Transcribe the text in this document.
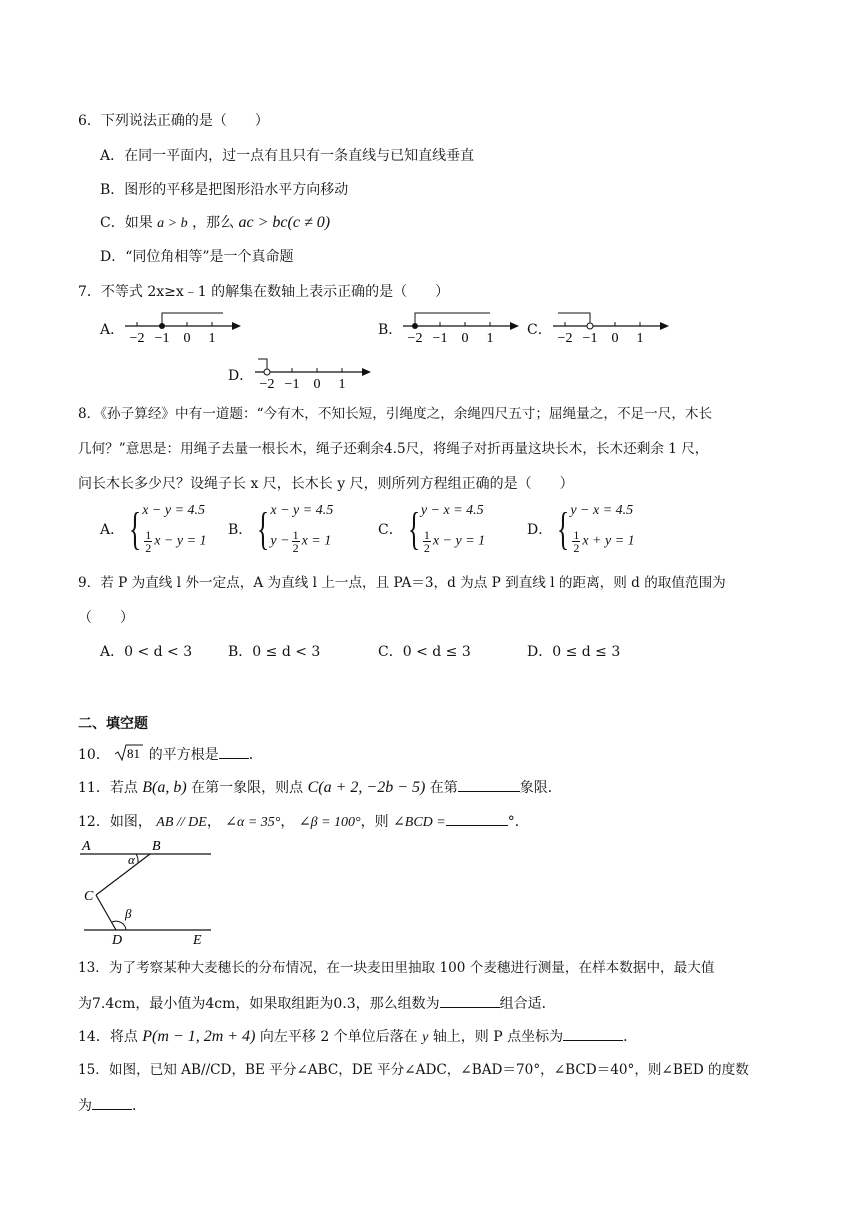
6．下列说法正确的是（　　）
A．在同一平面内，过一点有且只有一条直线与已知直线垂直
B．图形的平移是把图形沿水平方向移动
C．如果 a > b ，那么 ac > bc(c ≠ 0)
D．“同位角相等”是一个真命题
7．不等式 2x≥x﹣1 的解集在数轴上表示正确的是（　　）
A．	B．	C．
D．
−2 −1 0 1	−2 −1 0 1	−2 −1 0 1
−2 −1 0 1
8．《孙子算经》中有一道题：“今有木，不知长短，引绳度之，余绳四尺五寸；屈绳量之，不足一尺，木长
几何？”意思是：用绳子去量一根长木，绳子还剩余4.5尺，将绳子对折再量这块长木，长木还剩余 1 尺，
问长木长多少尺？设绳子长 x 尺，长木长 y 尺，则所列方程组正确的是（　　）
A． { x − y = 4.5
$\frac{1}{2}$ x − y = 1
B． { x − y = 4.5
$y - \frac{1}{2}$ x = 1
C． { y − x = 4.5
$\frac{1}{2}$ x − y = 1
D． { y − x = 4.5
$\frac{1}{2}$ x + y = 1
9．若 P 为直线 l 外一定点，A 为直线 l 上一点，且 PA＝3，d 为点 P 到直线 l 的距离，则 d 的取值范围为
（　　）
A．0 < d < 3	B．0 ≤ d < 3	C．0 < d ≤ 3	D．0 ≤ d ≤ 3
二、填空题
10． 81 的平方根是 ．
11．若点 B(a, b) 在第一象限，则点 C(a + 2, −2b − 5) 在第	象限．
12．如图， AB // DE， ∠α = 35°， ∠β = 100°，则 ∠BCD =	°．
A	B
C
D	E
α
β
13．为了考察某种大麦穗长的分布情况，在一块麦田里抽取 100 个麦穗进行测量，在样本数据中，最大值
为7.4cm，最小值为4cm，如果取组距为0.3，那么组数为	组合适．
14．将点 P(m − 1, 2m + 4) 向左平移 2 个单位后落在 y 轴上，则 P 点坐标为	．
15．如图，已知 AB//CD，BE 平分∠ABC，DE 平分∠ADC，∠BAD＝70°，∠BCD＝40°，则∠BED 的度数
为	．
